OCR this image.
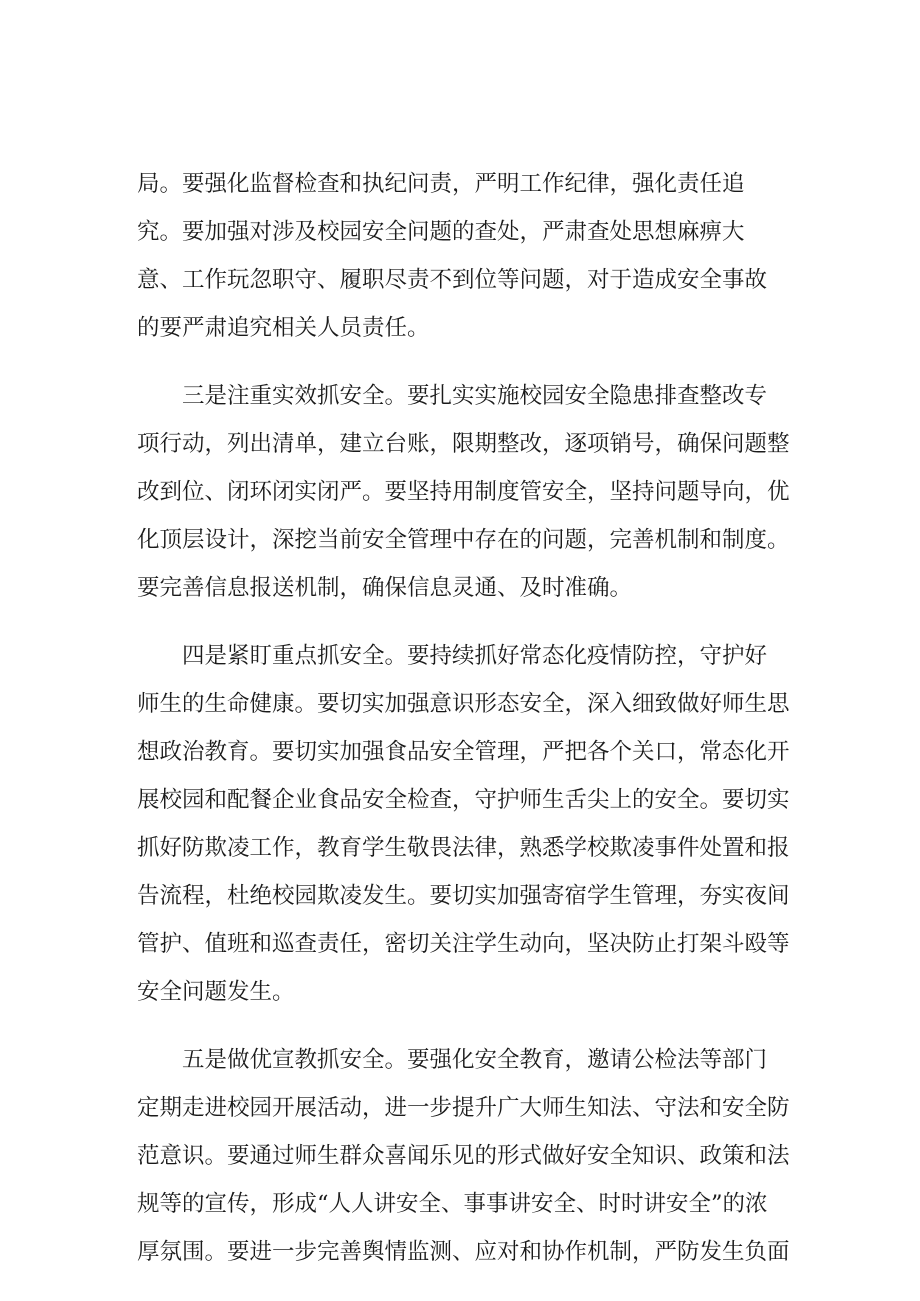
局。要强化监督检查和执纪问责，严明工作纪律，强化责任追
究。要加强对涉及校园安全问题的查处，严肃查处思想麻痹大
意、工作玩忽职守、履职尽责不到位等问题，对于造成安全事故
的要严肃追究相关人员责任。
三是注重实效抓安全。要扎实实施校园安全隐患排查整改专
项行动，列出清单，建立台账，限期整改，逐项销号，确保问题整
改到位、闭环闭实闭严。要坚持用制度管安全，坚持问题导向，优
化顶层设计，深挖当前安全管理中存在的问题，完善机制和制度。
要完善信息报送机制，确保信息灵通、及时准确。
四是紧盯重点抓安全。要持续抓好常态化疫情防控，守护好
师生的生命健康。要切实加强意识形态安全，深入细致做好师生思
想政治教育。要切实加强食品安全管理，严把各个关口，常态化开
展校园和配餐企业食品安全检查，守护师生舌尖上的安全。要切实
抓好防欺凌工作，教育学生敬畏法律，熟悉学校欺凌事件处置和报
告流程，杜绝校园欺凌发生。要切实加强寄宿学生管理，夯实夜间
管护、值班和巡查责任，密切关注学生动向，坚决防止打架斗殴等
安全问题发生。
五是做优宣教抓安全。要强化安全教育，邀请公检法等部门
定期走进校园开展活动，进一步提升广大师生知法、守法和安全防
范意识。要通过师生群众喜闻乐见的形式做好安全知识、政策和法
规等的宣传，形成“人人讲安全、事事讲安全、时时讲安全”的浓
厚氛围。要进一步完善舆情监测、应对和协作机制，严防发生负面
